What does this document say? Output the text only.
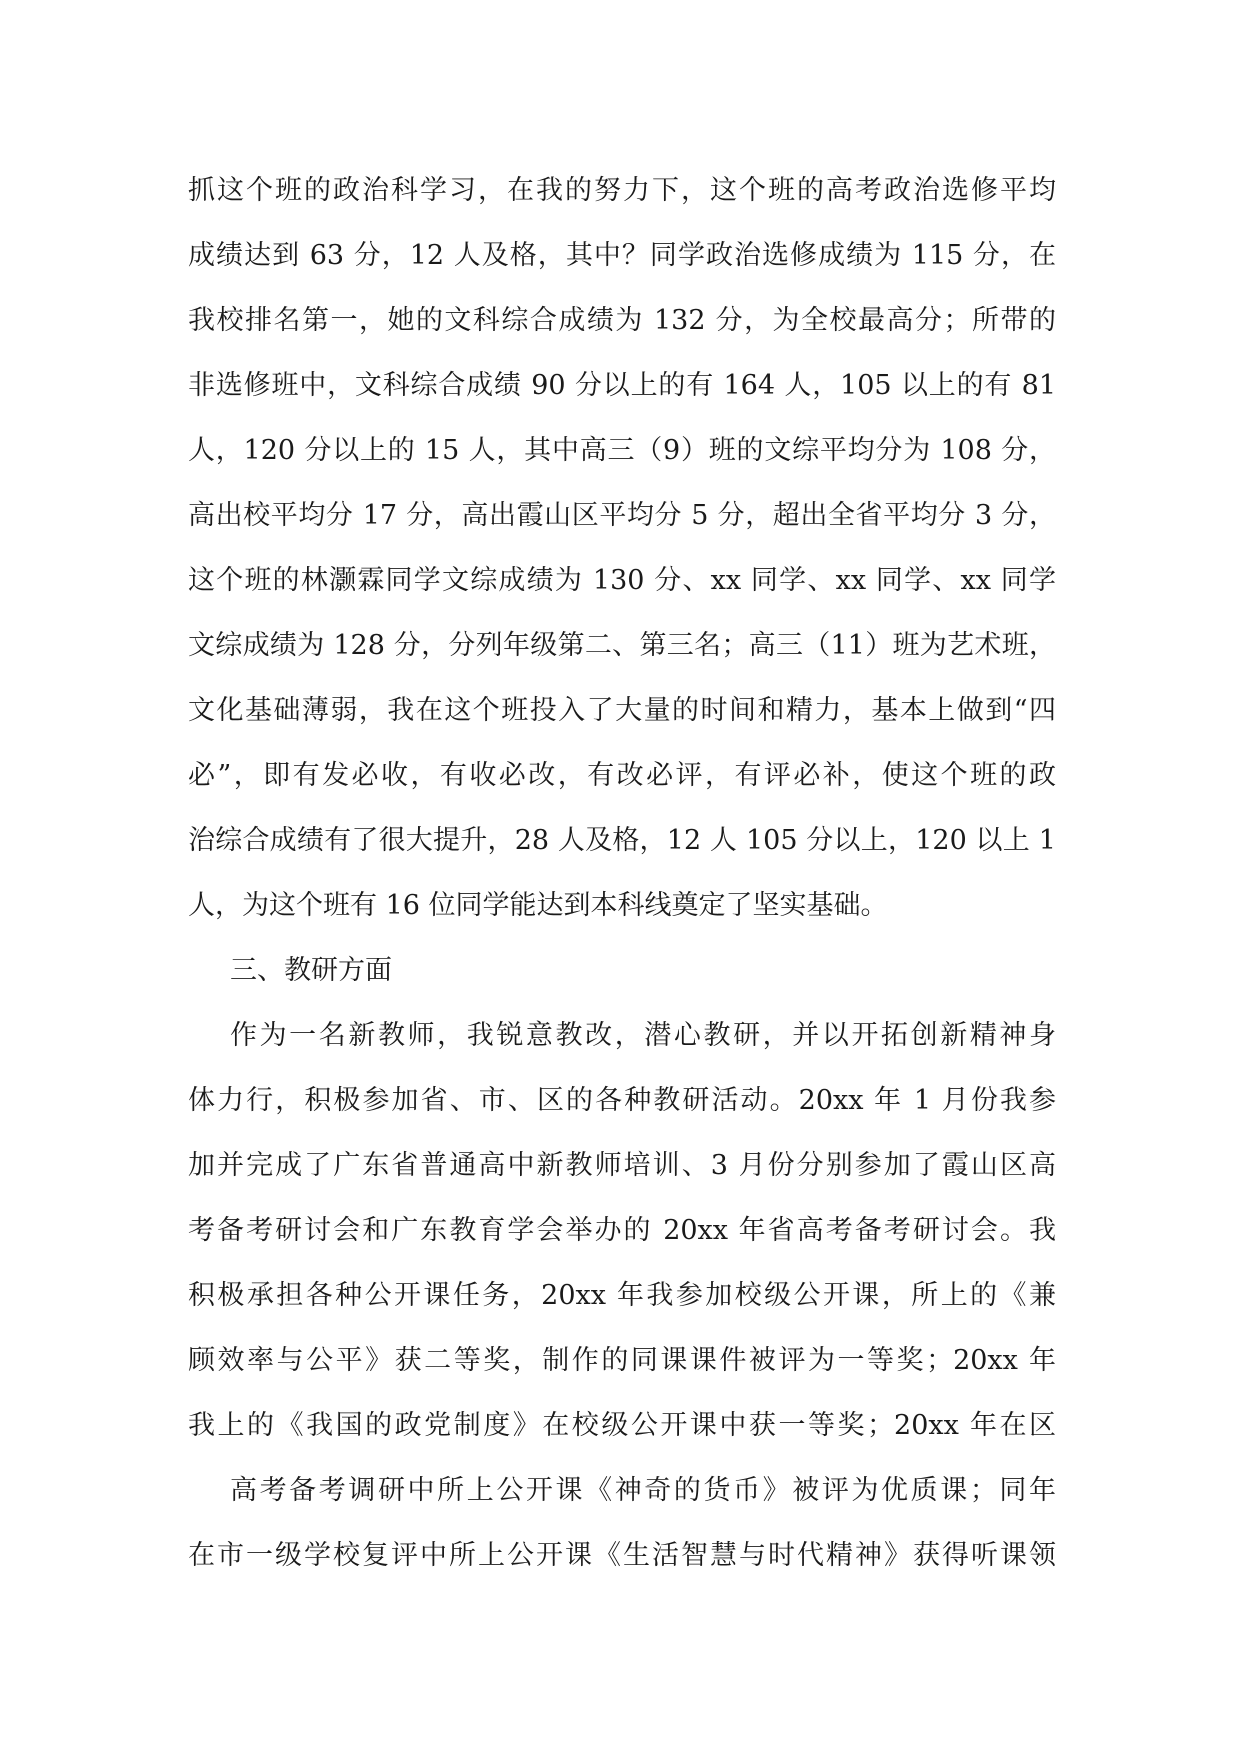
抓这个班的政治科学习，在我的努力下，这个班的高考政治选修平均
成绩达到 63 分，12 人及格，其中？同学政治选修成绩为 115 分，在
我校排名第一，她的文科综合成绩为 132 分，为全校最高分；所带的
非选修班中，文科综合成绩 90 分以上的有 164 人，105 以上的有 81
人，120 分以上的 15 人，其中高三（9）班的文综平均分为 108 分，
高出校平均分 17 分，高出霞山区平均分 5 分，超出全省平均分 3 分，
这个班的林灏霖同学文综成绩为 130 分、xx 同学、xx 同学、xx 同学
文综成绩为 128 分，分列年级第二、第三名；高三（11）班为艺术班，
文化基础薄弱，我在这个班投入了大量的时间和精力，基本上做到“四
必”，即有发必收，有收必改，有改必评，有评必补，使这个班的政
治综合成绩有了很大提升，28 人及格，12 人 105 分以上，120 以上 1
人，为这个班有 16 位同学能达到本科线奠定了坚实基础。
三、教研方面
作为一名新教师，我锐意教改，潜心教研，并以开拓创新精神身
体力行，积极参加省、市、区的各种教研活动。20xx 年 1 月份我参
加并完成了广东省普通高中新教师培训、3 月份分别参加了霞山区高
考备考研讨会和广东教育学会举办的 20xx 年省高考备考研讨会。我
积极承担各种公开课任务，20xx 年我参加校级公开课，所上的《兼
顾效率与公平》获二等奖，制作的同课课件被评为一等奖；20xx 年
我上的《我国的政党制度》在校级公开课中获一等奖；20xx 年在区
高考备考调研中所上公开课《神奇的货币》被评为优质课；同年
在市一级学校复评中所上公开课《生活智慧与时代精神》获得听课领
